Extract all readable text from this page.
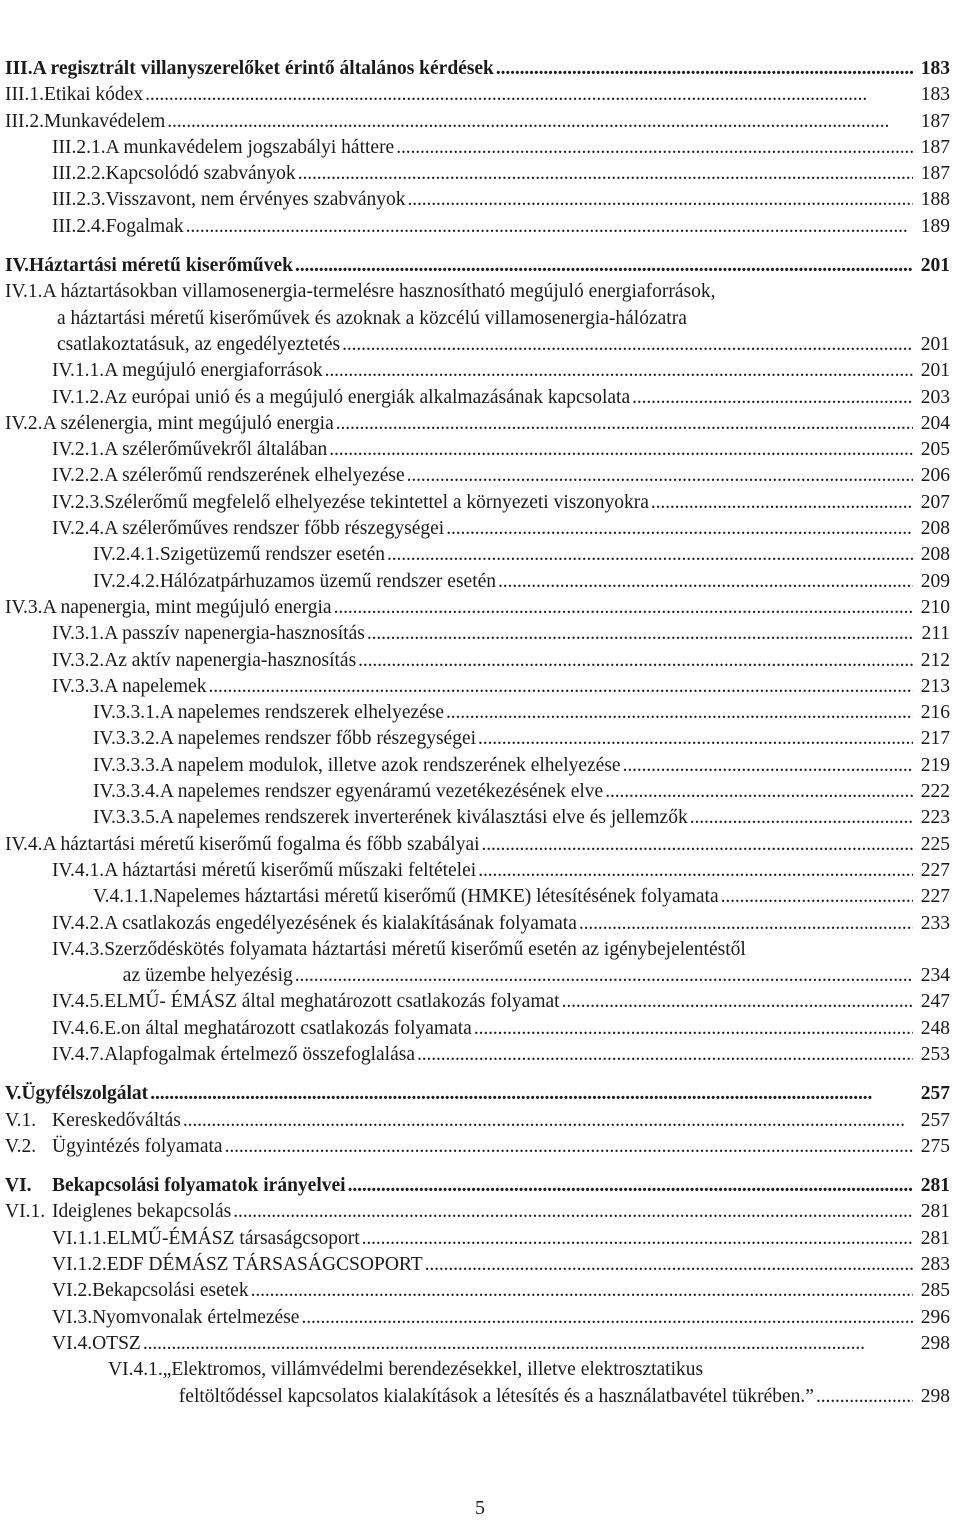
III. A regisztrált villanyszerelőket érintő általános kérdések . . .	183
III.1. Etikai kódex . . .	183
III.2. Munkavédelem . . .	187
III.2.1. A munkavédelem jogszabályi háttere . . .	187
III.2.2. Kapcsolódó szabványok . . .	187
III.2.3. Visszavont, nem érvényes szabványok . . .	188
III.2.4. Fogalmak . . .	189
IV. Háztartási méretű kiserőművek . . .	201
IV.1. A háztartásokban villamosenergia-termelésre hasznosítható megújuló energiaforrások,
a háztartási méretű kiserőművek és azoknak a közcélú villamosenergia-hálózatra
csatlakoztatásuk, az engedélyeztetés . . .	201
IV.1.1. A megújuló energiaforrások . . .	201
IV.1.2. Az európai unió és a megújuló energiák alkalmazásának kapcsolata . . .	203
IV.2. A szélenergia, mint megújuló energia . . .	204
IV.2.1. A szélerőművekről általában . . .	205
IV.2.2. A szélerőmű rendszerének elhelyezése . . .	206
IV.2.3. Szélerőmű megfelelő elhelyezése tekintettel a környezeti viszonyokra . . .	207
IV.2.4. A szélerőműves rendszer főbb részegységei . . .	208
IV.2.4.1. Szigetüzemű rendszer esetén . . .	208
IV.2.4.2. Hálózatpárhuzamos üzemű rendszer esetén . . .	209
IV.3. A napenergia, mint megújuló energia . . .	210
IV.3.1. A passzív napenergia-hasznosítás . . .	211
IV.3.2. Az aktív napenergia-hasznosítás . . .	212
IV.3.3. A napelemek . . .	213
IV.3.3.1. A napelemes rendszerek elhelyezése . . .	216
IV.3.3.2. A napelemes rendszer főbb részegységei . . .	217
IV.3.3.3. A napelem modulok, illetve azok rendszerének elhelyezése . . .	219
IV.3.3.4. A napelemes rendszer egyenáramú vezetékezésének elve . . .	222
IV.3.3.5. A napelemes rendszerek inverterének kiválasztási elve és jellemzők . . .	223
IV.4. A háztartási méretű kiserőmű fogalma és főbb szabályai . . .	225
IV.4.1. A háztartási méretű kiserőmű műszaki feltételei . . .	227
V.4.1.1. Napelemes háztartási méretű kiserőmű (HMKE) létesítésének folyamata . . .	227
IV.4.2. A csatlakozás engedélyezésének és kialakításának folyamata . . .	233
IV.4.3. Szerződéskötés folyamata háztartási méretű kiserőmű esetén az igénybejelentéstől
az üzembe helyezésig . . .	234
IV.4.5. ELMŰ- ÉMÁSZ által meghatározott csatlakozás folyamat . . .	247
IV.4.6. E.on által meghatározott csatlakozás folyamata . . .	248
IV.4.7. Alapfogalmak értelmező összefoglalása . . .	253
V. Ügyfélszolgálat . . .	257
V.1. Kereskedőváltás . . .	257
V.2. Ügyintézés folyamata . . .	275
VI.	Bekapcsolási folyamatok irányelvei . . .	281
VI.1. Ideiglenes bekapcsolás . . .	281
VI.1.1. ELMŰ-ÉMÁSZ társaságcsoport . . .	281
VI.1.2. EDF DÉMÁSZ TÁRSASÁGCSOPORT . . .	283
VI.2. Bekapcsolási esetek . . .	285
VI.3. Nyomvonalak értelmezése . . .	296
VI.4. OTSZ . . .	298
VI.4.1. „Elektromos, villámvédelmi berendezésekkel, illetve elektrosztatikus
feltöltődéssel kapcsolatos kialakítások a létesítés és a használatbavétel tükrében.” . . .	298
5
